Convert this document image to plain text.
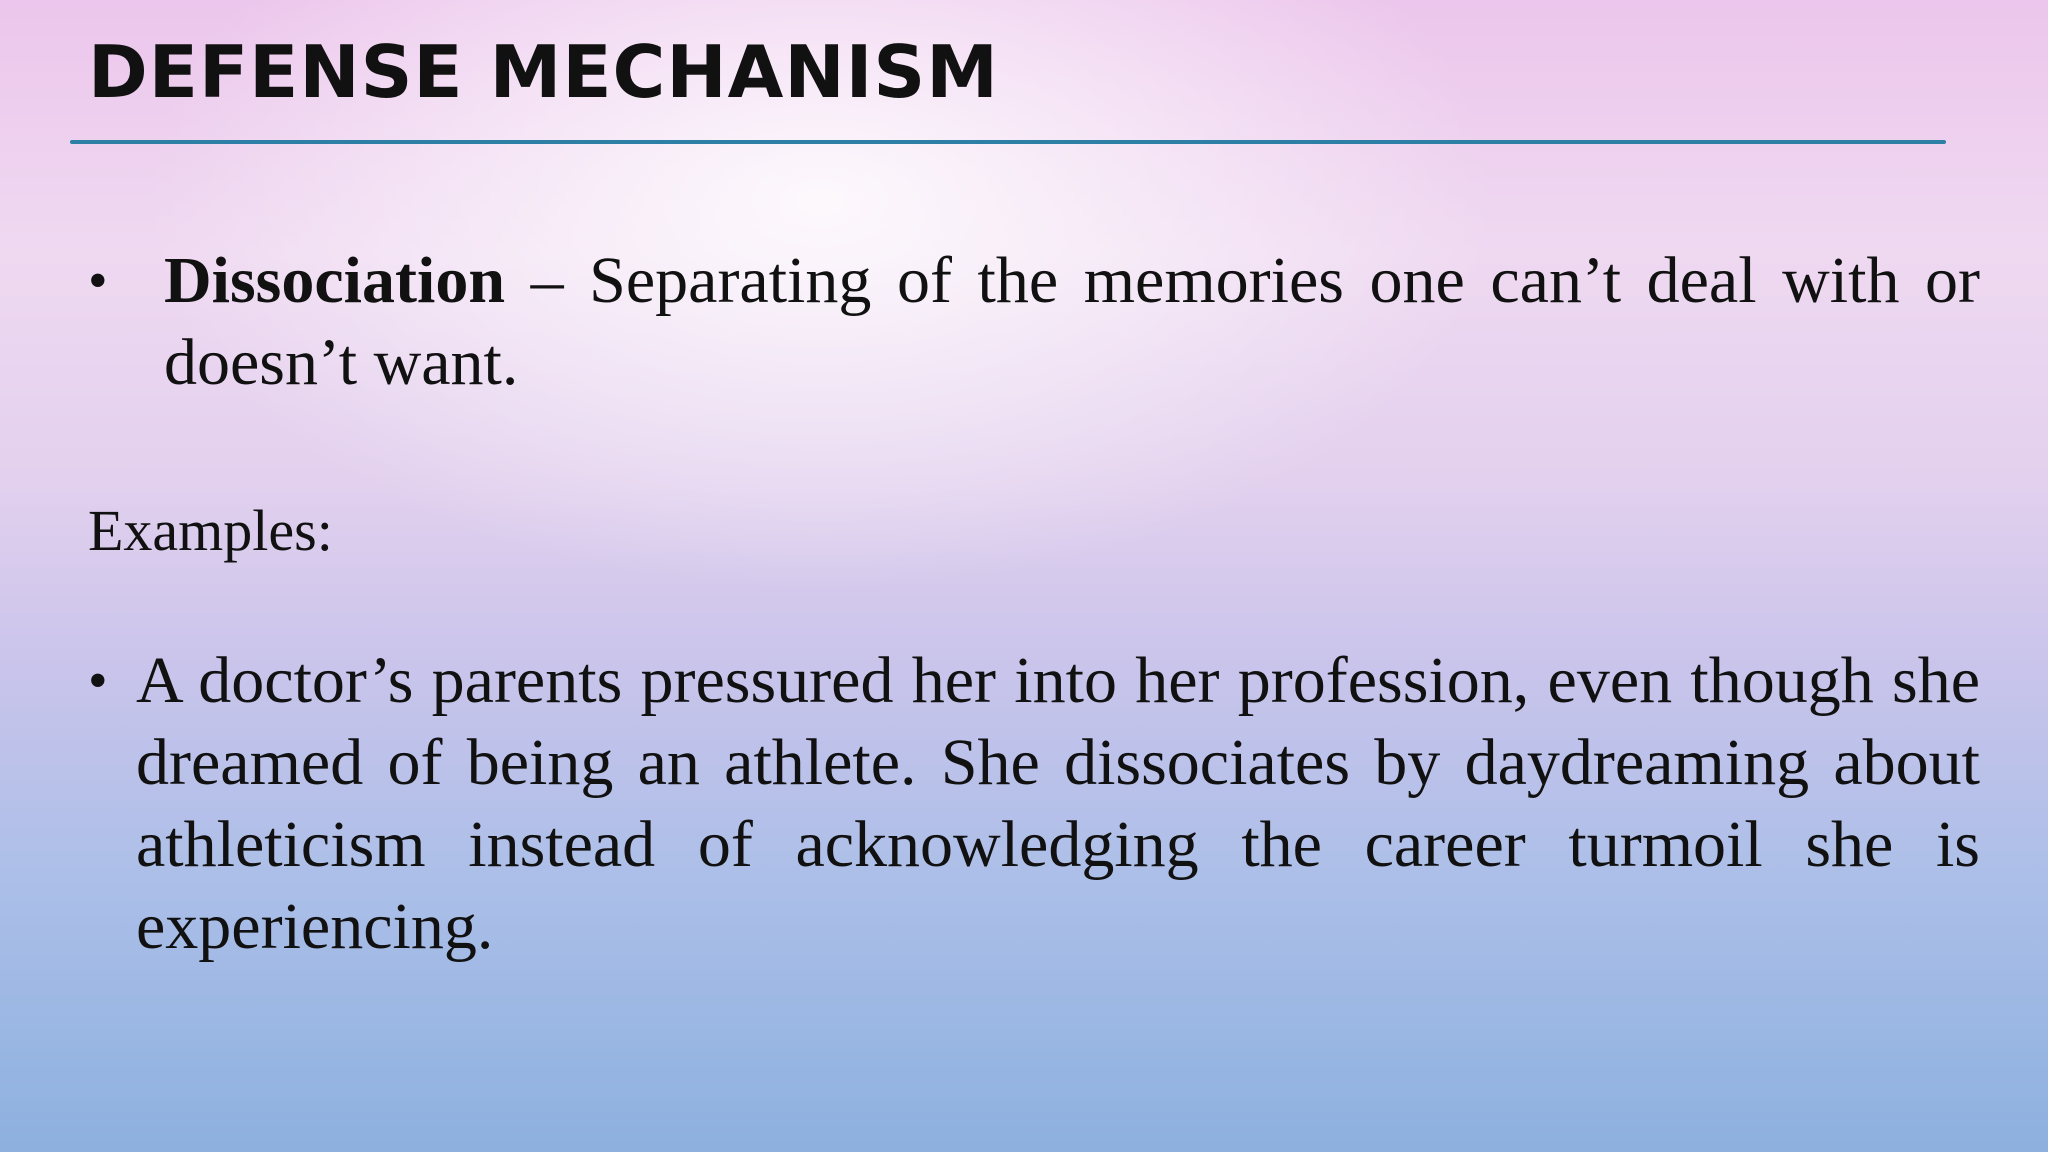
DEFENSE MECHANISM
• Dissociation – Separating of the memories one can’t deal with or doesn’t want.
Examples:
• A doctor’s parents pressured her into her profession, even though she dreamed of being an athlete. She dissociates by daydreaming about athleticism instead of acknowledging the career turmoil she is experiencing.
